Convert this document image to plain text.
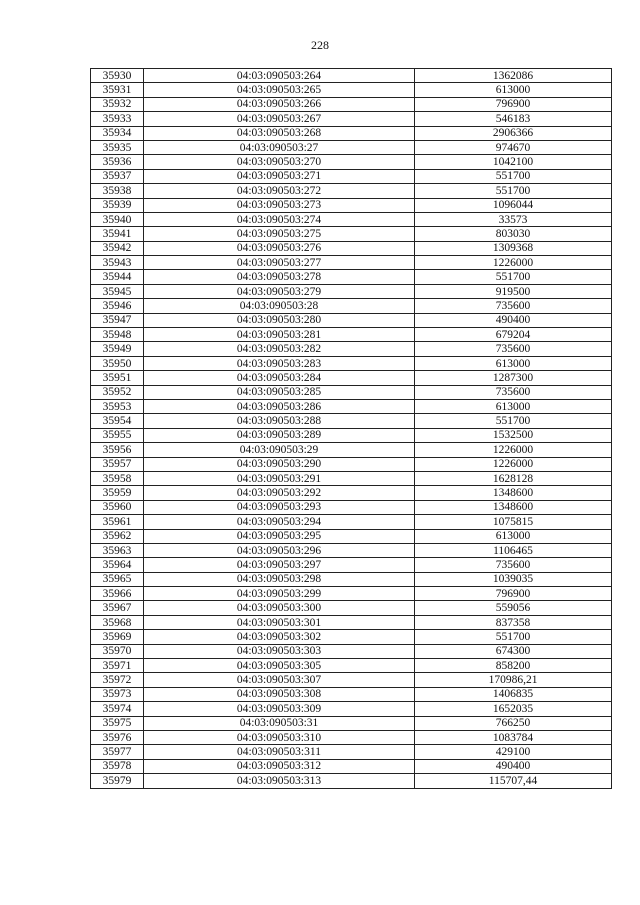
228
35930	04:03:090503:264	1362086
35931	04:03:090503:265	613000
35932	04:03:090503:266	796900
35933	04:03:090503:267	546183
35934	04:03:090503:268	2906366
35935	04:03:090503:27	974670
35936	04:03:090503:270	1042100
35937	04:03:090503:271	551700
35938	04:03:090503:272	551700
35939	04:03:090503:273	1096044
35940	04:03:090503:274	33573
35941	04:03:090503:275	803030
35942	04:03:090503:276	1309368
35943	04:03:090503:277	1226000
35944	04:03:090503:278	551700
35945	04:03:090503:279	919500
35946	04:03:090503:28	735600
35947	04:03:090503:280	490400
35948	04:03:090503:281	679204
35949	04:03:090503:282	735600
35950	04:03:090503:283	613000
35951	04:03:090503:284	1287300
35952	04:03:090503:285	735600
35953	04:03:090503:286	613000
35954	04:03:090503:288	551700
35955	04:03:090503:289	1532500
35956	04:03:090503:29	1226000
35957	04:03:090503:290	1226000
35958	04:03:090503:291	1628128
35959	04:03:090503:292	1348600
35960	04:03:090503:293	1348600
35961	04:03:090503:294	1075815
35962	04:03:090503:295	613000
35963	04:03:090503:296	1106465
35964	04:03:090503:297	735600
35965	04:03:090503:298	1039035
35966	04:03:090503:299	796900
35967	04:03:090503:300	559056
35968	04:03:090503:301	837358
35969	04:03:090503:302	551700
35970	04:03:090503:303	674300
35971	04:03:090503:305	858200
35972	04:03:090503:307	170986,21
35973	04:03:090503:308	1406835
35974	04:03:090503:309	1652035
35975	04:03:090503:31	766250
35976	04:03:090503:310	1083784
35977	04:03:090503:311	429100
35978	04:03:090503:312	490400
35979	04:03:090503:313	115707,44
